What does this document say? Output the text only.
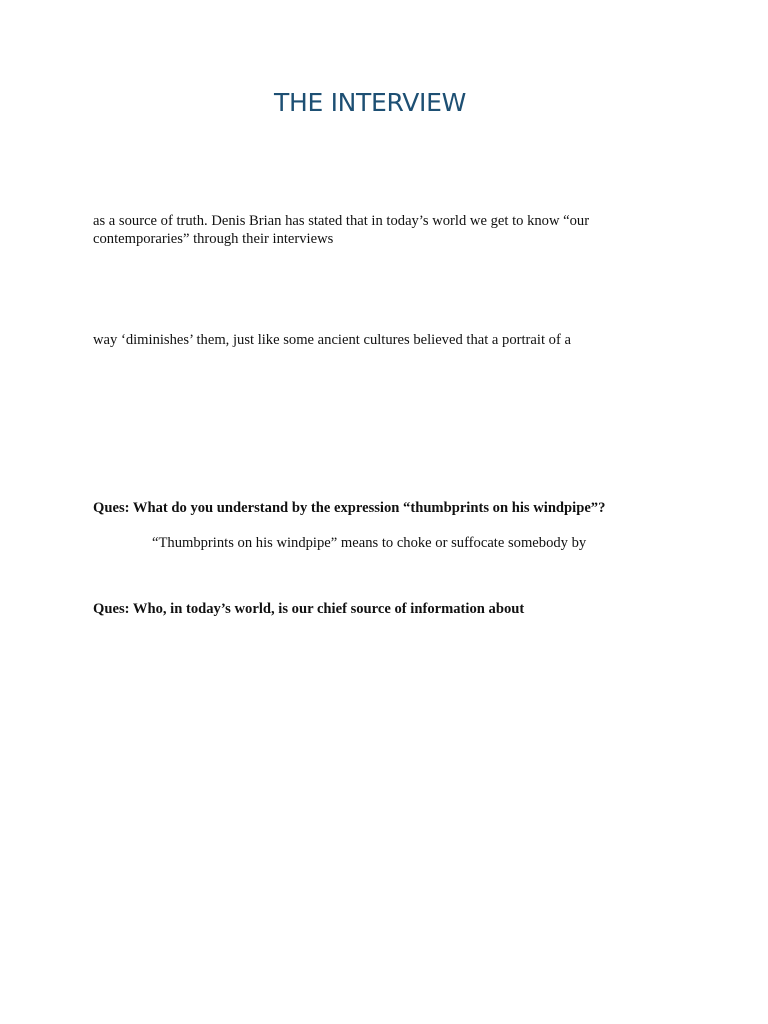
THE INTERVIEW

as a source of truth. Denis Brian has stated that in today’s world we get to know “our
contemporaries” through their interviews

way ‘diminishes’ them, just like some ancient cultures believed that a portrait of a

Ques: What do you understand by the expression “thumbprints on his windpipe”?

“Thumbprints on his windpipe” means to choke or suffocate somebody by

Ques: Who, in today’s world, is our chief source of information about
